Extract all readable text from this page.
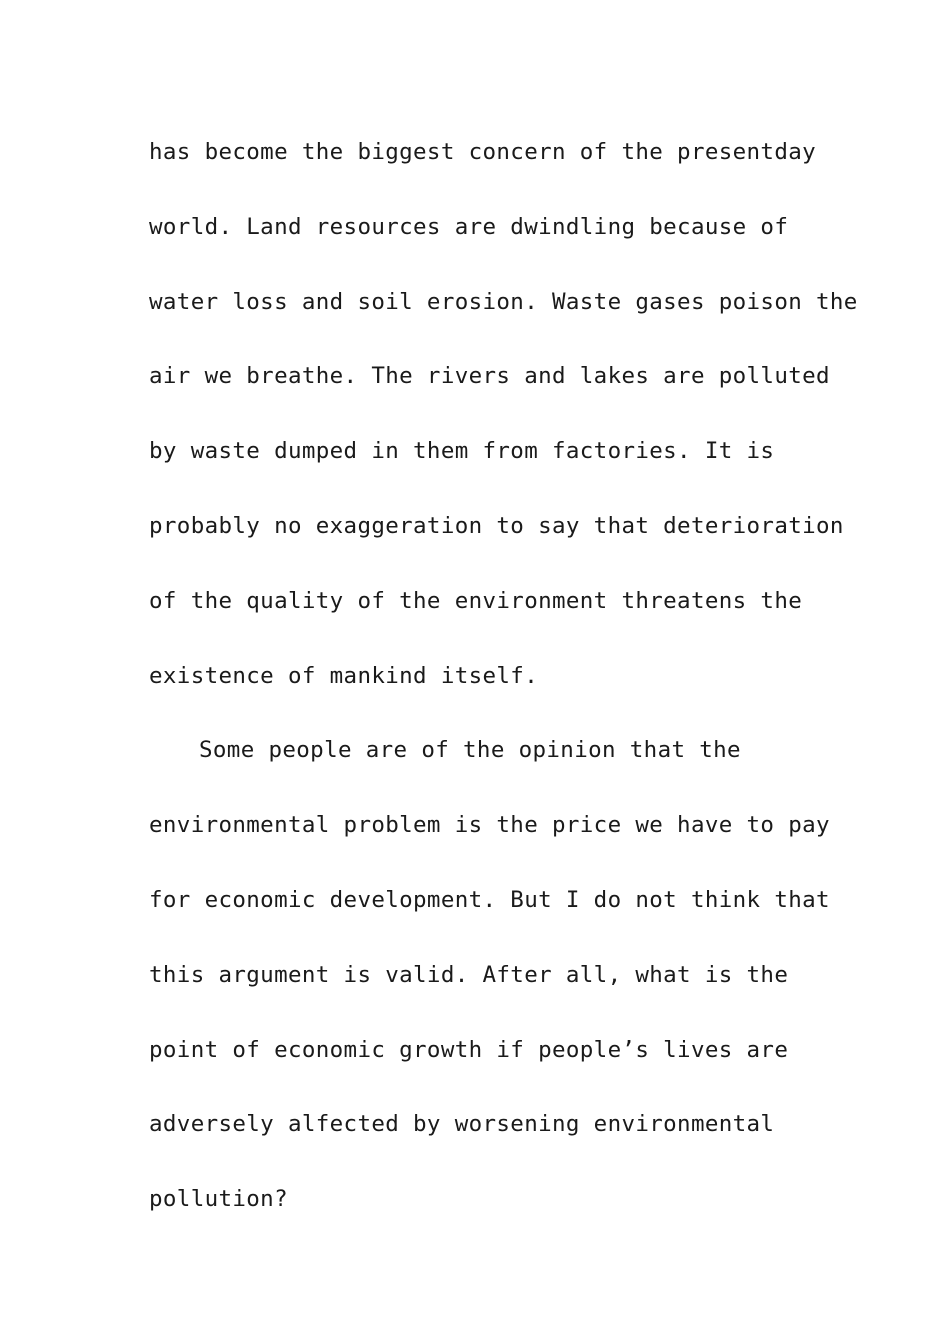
has become the biggest concern of the presentday
world. Land resources are dwindling because of
water loss and soil erosion. Waste gases poison the
air we breathe. The rivers and lakes are polluted
by waste dumped in them from factories. It is
probably no exaggeration to say that deterioration
of the quality of the environment threatens the
existence of mankind itself.
Some people are of the opinion that the
environmental problem is the price we have to pay
for economic development. But I do not think that
this argument is valid. After all, what is the
point of economic growth if people’s lives are
adversely alfected by worsening environmental
pollution?
